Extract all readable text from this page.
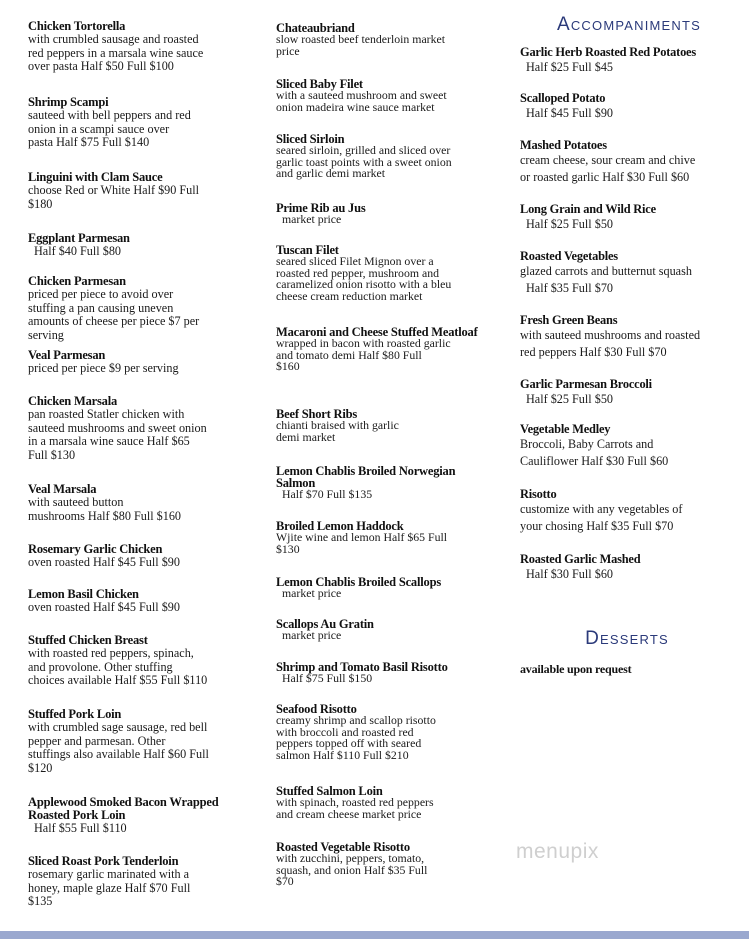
Chicken Tortorella
with crumbled sausage and roasted
red peppers in a marsala wine sauce
over pasta Half $50 Full $100
Shrimp Scampi
sauteed with bell peppers and red
onion in a scampi sauce over
pasta Half $75 Full $140
Linguini with Clam Sauce
choose Red or White Half $90 Full
$180
Eggplant Parmesan
Half $40 Full $80
Chicken Parmesan
priced per piece to avoid over
stuffing a pan causing uneven
amounts of cheese per piece $7 per
serving
Veal Parmesan
priced per piece $9 per serving
Chicken Marsala
pan roasted Statler chicken with
sauteed mushrooms and sweet onion
in a marsala wine sauce Half $65
Full $130
Veal Marsala
with sauteed button
mushrooms Half $80 Full $160
Rosemary Garlic Chicken
oven roasted Half $45 Full $90
Lemon Basil Chicken
oven roasted Half $45 Full $90
Stuffed Chicken Breast
with roasted red peppers, spinach,
and provolone. Other stuffing
choices available Half $55 Full $110
Stuffed Pork Loin
with crumbled sage sausage, red bell
pepper and parmesan. Other
stuffings also available Half $60 Full
$120
Applewood Smoked Bacon Wrapped Roasted Pork Loin
Half $55 Full $110
Sliced Roast Pork Tenderloin
rosemary garlic marinated with a
honey, maple glaze Half $70 Full
$135
Chateaubriand
slow roasted beef tenderloin market
price
Sliced Baby Filet
with a sauteed mushroom and sweet
onion madeira wine sauce market
Sliced Sirloin
seared sirloin, grilled and sliced over
garlic toast points with a sweet onion
and garlic demi market
Prime Rib au Jus
market price
Tuscan Filet
seared sliced Filet Mignon over a
roasted red pepper, mushroom and
caramelized onion risotto with a bleu
cheese cream reduction market
Macaroni and Cheese Stuffed Meatloaf
wrapped in bacon with roasted garlic
and tomato demi Half $80 Full
$160
Beef Short Ribs
chianti braised with garlic
demi market
Lemon Chablis Broiled Norwegian Salmon
Half $70 Full $135
Broiled Lemon Haddock
Wjite wine and lemon Half $65 Full
$130
Lemon Chablis Broiled Scallops
market price
Scallops Au Gratin
market price
Shrimp and Tomato Basil Risotto
Half $75 Full $150
Seafood Risotto
creamy shrimp and scallop risotto
with broccoli and roasted red
peppers topped off with seared
salmon Half $110 Full $210
Stuffed Salmon Loin
with spinach, roasted red peppers
and cream cheese market price
Roasted Vegetable Risotto
with zucchini, peppers, tomato,
squash, and onion Half $35 Full
$70
Accompaniments
Garlic Herb Roasted Red Potatoes
Half $25 Full $45
Scalloped Potato
Half $45 Full $90
Mashed Potatoes
cream cheese, sour cream and chive
or roasted garlic Half $30 Full $60
Long Grain and Wild Rice
Half $25 Full $50
Roasted Vegetables
glazed carrots and butternut squash
Half $35 Full $70
Fresh Green Beans
with sauteed mushrooms and roasted
red peppers Half $30 Full $70
Garlic Parmesan Broccoli
Half $25 Full $50
Vegetable Medley
Broccoli, Baby Carrots and
Cauliflower Half $30 Full $60
Risotto
customize with any vegetables of
your chosing Half $35 Full $70
Roasted Garlic Mashed
Half $30 Full $60
Desserts
available upon request
menupix
